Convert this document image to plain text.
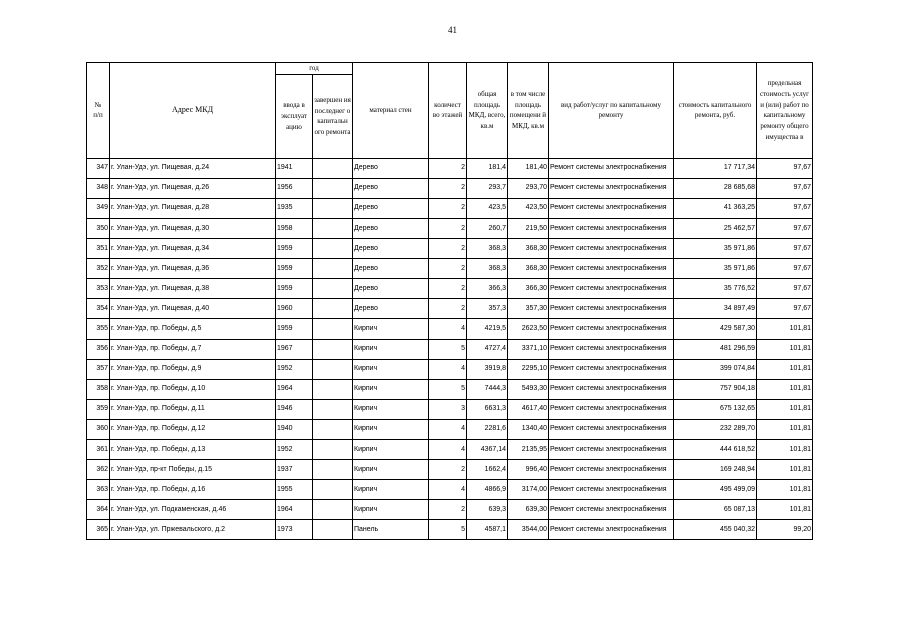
41
№
п/п	Адрес МКД	год		материал стен	количест во этажей	общая площадь МКД, всего, кв.м	в том числе площадь помещени й МКД, кв.м	вид работ/услуг по капитальному ремонту	стоимость капитального ремонта, руб.	предельная стоимость услуг и (или) работ по капитальному ремонту общего имущества в
		ввода в эксплуат ацию	завершен ия последнег о капитальн ого ремонта							
347	г. Улан-Удэ, ул. Пищевая, д.24	1941		Дерево	2	181,4	181,40	Ремонт системы электроснабжения	17 717,34	97,67
348	г. Улан-Удэ, ул. Пищевая, д.26	1956		Дерево	2	293,7	293,70	Ремонт системы электроснабжения	28 685,68	97,67
349	г. Улан-Удэ, ул. Пищевая, д.28	1935		Дерево	2	423,5	423,50	Ремонт системы электроснабжения	41 363,25	97,67
350	г. Улан-Удэ, ул. Пищевая, д.30	1958		Дерево	2	260,7	219,50	Ремонт системы электроснабжения	25 462,57	97,67
351	г. Улан-Удэ, ул. Пищевая, д.34	1959		Дерево	2	368,3	368,30	Ремонт системы электроснабжения	35 971,86	97,67
352	г. Улан-Удэ, ул. Пищевая, д.36	1959		Дерево	2	368,3	368,30	Ремонт системы электроснабжения	35 971,86	97,67
353	г. Улан-Удэ, ул. Пищевая, д.38	1959		Дерево	2	366,3	366,30	Ремонт системы электроснабжения	35 776,52	97,67
354	г. Улан-Удэ, ул. Пищевая, д.40	1960		Дерево	2	357,3	357,30	Ремонт системы электроснабжения	34 897,49	97,67
355	г. Улан-Удэ, пр. Победы, д.5	1959		Кирпич	4	4219,5	2623,50	Ремонт системы электроснабжения	429 587,30	101,81
356	г. Улан-Удэ, пр. Победы, д.7	1967		Кирпич	5	4727,4	3371,10	Ремонт системы электроснабжения	481 296,59	101,81
357	г. Улан-Удэ, пр. Победы, д.9	1952		Кирпич	4	3919,8	2295,10	Ремонт системы электроснабжения	399 074,84	101,81
358	г. Улан-Удэ, пр. Победы, д.10	1964		Кирпич	5	7444,3	5493,30	Ремонт системы электроснабжения	757 904,18	101,81
359	г. Улан-Удэ, пр. Победы, д.11	1946		Кирпич	3	6631,3	4617,40	Ремонт системы электроснабжения	675 132,65	101,81
360	г. Улан-Удэ, пр. Победы, д.12	1940		Кирпич	4	2281,6	1340,40	Ремонт системы электроснабжения	232 289,70	101,81
361	г. Улан-Удэ, пр. Победы, д.13	1952		Кирпич	4	4367,14	2135,95	Ремонт системы электроснабжения	444 618,52	101,81
362	г. Улан-Удэ, пр-кт Победы, д.15	1937		Кирпич	2	1662,4	996,40	Ремонт системы электроснабжения	169 248,94	101,81
363	г. Улан-Удэ, пр. Победы, д.16	1955		Кирпич	4	4866,9	3174,00	Ремонт системы электроснабжения	495 499,09	101,81
364	г. Улан-Удэ, ул. Подкаменская, д.46	1964		Кирпич	2	639,3	639,30	Ремонт системы электроснабжения	65 087,13	101,81
365	г. Улан-Удэ, ул. Пржевальского, д.2	1973		Панель	5	4587,1	3544,00	Ремонт системы электроснабжения	455 040,32	99,20
